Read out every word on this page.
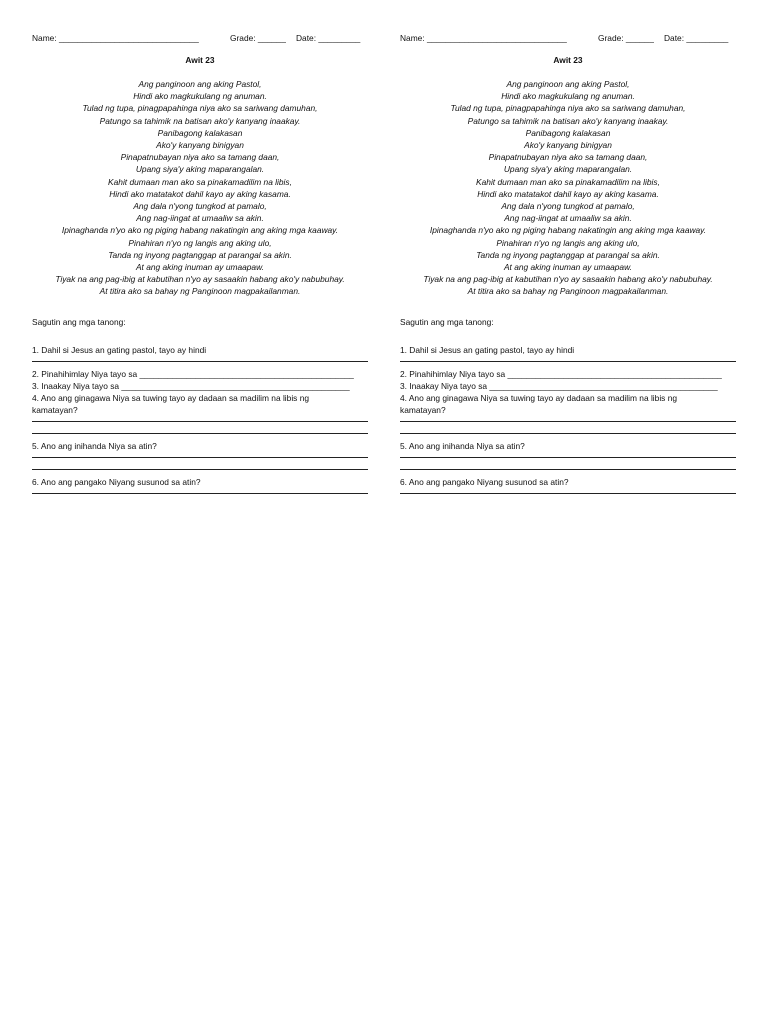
Name: ______________________________	Grade: ______	Date: _________
Awit 23
Ang panginoon ang aking Pastol,
Hindi ako magkukulang ng anuman.
Tulad ng tupa, pinagpapahinga niya ako sa sariwang damuhan,
Patungo sa tahimik na batisan ako'y kanyang inaakay.
Panibagong kalakasan
Ako'y kanyang binigyan
Pinapatnubayan niya ako sa tamang daan,
Upang siya'y aking maparangalan.
Kahit dumaan man ako sa pinakamadilim na libis,
Hindi ako matatakot dahil kayo ay aking kasama.
Ang dala n'yong tungkod at pamalo,
Ang nag-iingat at umaaliw sa akin.
Ipinaghanda n'yo ako ng piging habang nakatingin ang aking mga kaaway.
Pinahiran n'yo ng langis ang aking ulo,
Tanda ng inyong pagtanggap at parangal sa akin.
At ang aking inuman ay umaapaw.
Tiyak na ang pag-ibig at kabutihan n'yo ay sasaakin habang ako'y nabubuhay.
At titira ako sa bahay ng Panginoon magpakailanman.
Sagutin ang mga tanong:
1. Dahil si Jesus an gating pastol, tayo ay hindi
2. Pinahihimlay Niya tayo sa ______________________________________________
3. Inaakay Niya tayo sa _________________________________________________
4. Ano ang ginagawa Niya sa tuwing tayo ay dadaan sa madilim na libis ng
kamatayan?
5. Ano ang inihanda Niya sa atin?
6. Ano ang pangako Niyang susunod sa atin?
Name: ______________________________	Grade: ______	Date: _________
Awit 23
Ang panginoon ang aking Pastol,
Hindi ako magkukulang ng anuman.
Tulad ng tupa, pinagpapahinga niya ako sa sariwang damuhan,
Patungo sa tahimik na batisan ako'y kanyang inaakay.
Panibagong kalakasan
Ako'y kanyang binigyan
Pinapatnubayan niya ako sa tamang daan,
Upang siya'y aking maparangalan.
Kahit dumaan man ako sa pinakamadilim na libis,
Hindi ako matatakot dahil kayo ay aking kasama.
Ang dala n'yong tungkod at pamalo,
Ang nag-iingat at umaaliw sa akin.
Ipinaghanda n'yo ako ng piging habang nakatingin ang aking mga kaaway.
Pinahiran n'yo ng langis ang aking ulo,
Tanda ng inyong pagtanggap at parangal sa akin.
At ang aking inuman ay umaapaw.
Tiyak na ang pag-ibig at kabutihan n'yo ay sasaakin habang ako'y nabubuhay.
At titira ako sa bahay ng Panginoon magpakailanman.
Sagutin ang mga tanong:
1. Dahil si Jesus an gating pastol, tayo ay hindi
2. Pinahihimlay Niya tayo sa ______________________________________________
3. Inaakay Niya tayo sa _________________________________________________
4. Ano ang ginagawa Niya sa tuwing tayo ay dadaan sa madilim na libis ng
kamatayan?
5. Ano ang inihanda Niya sa atin?
6. Ano ang pangako Niyang susunod sa atin?
